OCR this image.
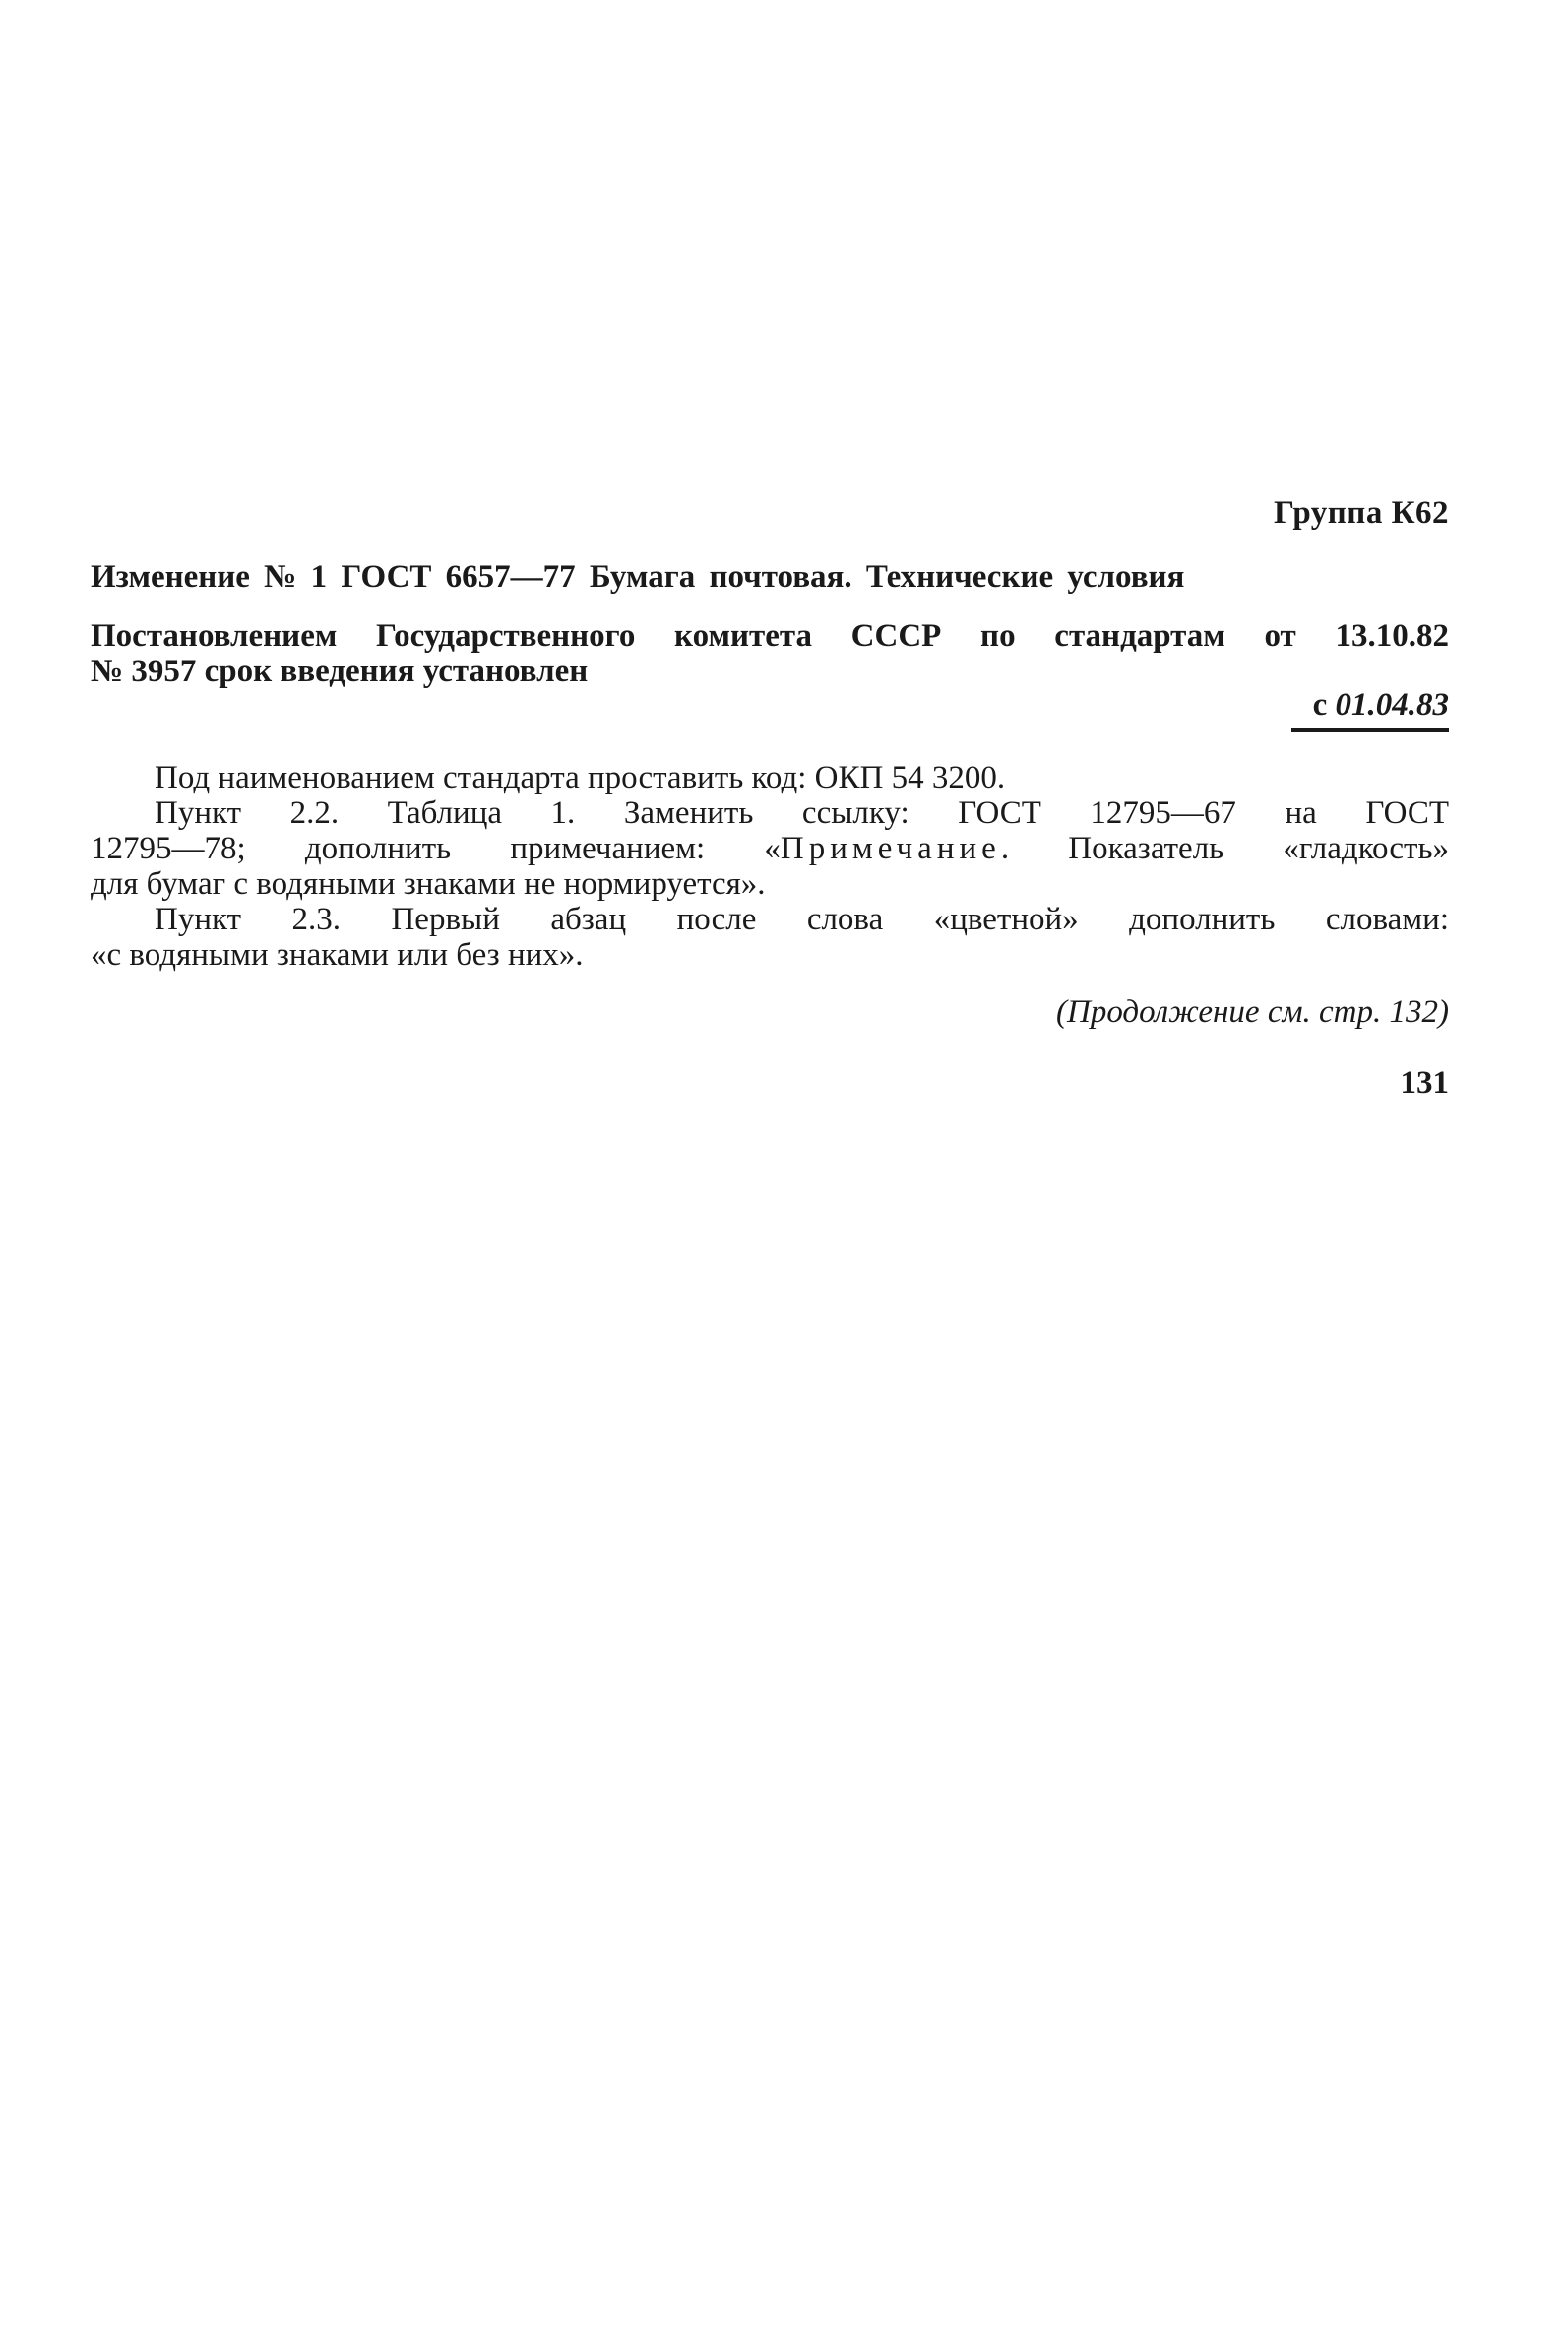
Группа К62
Изменение № 1 ГОСТ 6657—77 Бумага почтовая. Технические условия
Постановлением Государственного комитета СССР по стандартам от 13.10.82
№ 3957 срок введения установлен
с 01.04.83

Под наименованием стандарта проставить код: ОКП 54 3200.

Пункт 2.2. Таблица 1. Заменить ссылку: ГОСТ 12795—67 на ГОСТ
12795—78; дополнить примечанием: «Примечание. Показатель «гладкость»
для бумаг с водяными знаками не нормируется».

Пункт 2.3. Первый абзац после слова «цветной» дополнить словами:
«с водяными знаками или без них».

(Продолжение см. стр. 132)
131
